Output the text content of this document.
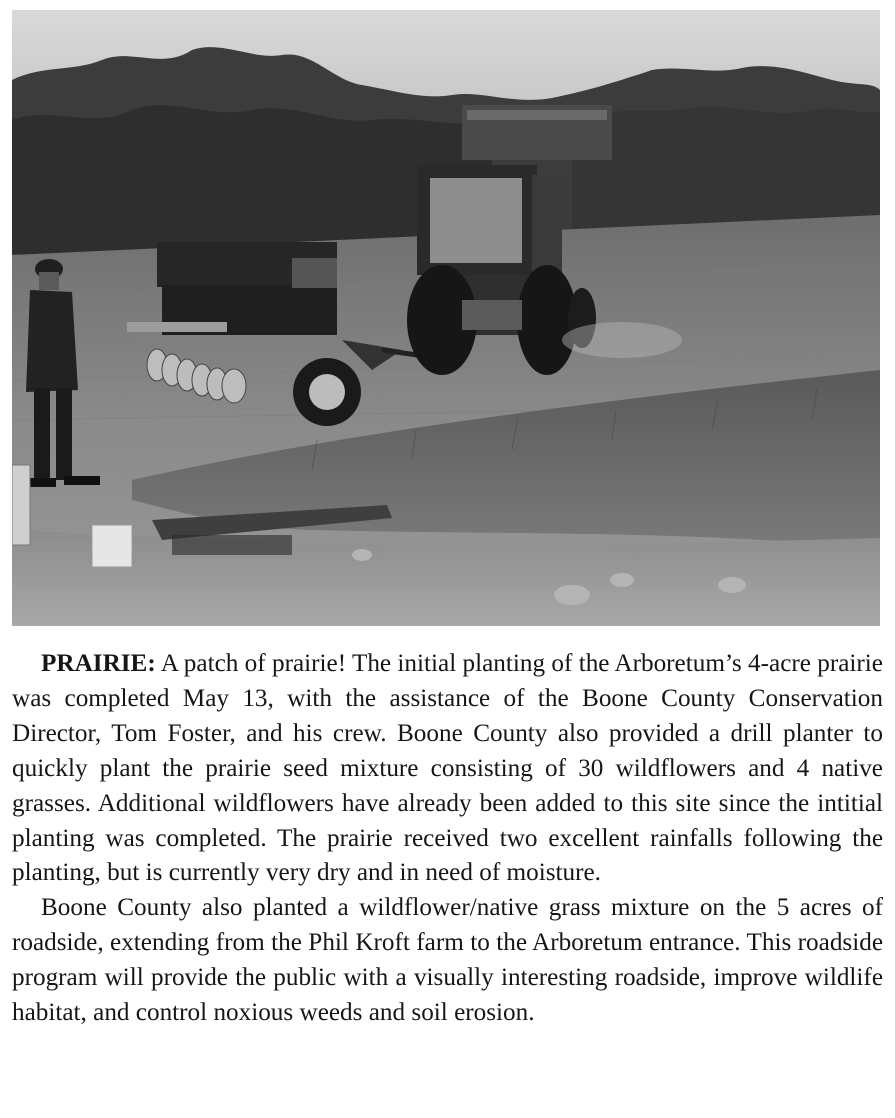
PRAIRIE: A patch of prairie! The initial planting of the Arboretum’s 4-acre prairie was completed May 13, with the assistance of the Boone County Conservation Director, Tom Foster, and his crew. Boone County also provided a drill planter to quickly plant the prairie seed mixture consisting of 30 wildflowers and 4 native grasses. Additional wildflowers have already been added to this site since the intitial planting was completed. The prairie received two excellent rainfalls following the planting, but is currently very dry and in need of moisture.

Boone County also planted a wildflower/native grass mixture on the 5 acres of roadside, extending from the Phil Kroft farm to the Arboretum entrance. This roadside program will provide the public with a visually interesting roadside, improve wildlife habitat, and control noxious weeds and soil erosion.
